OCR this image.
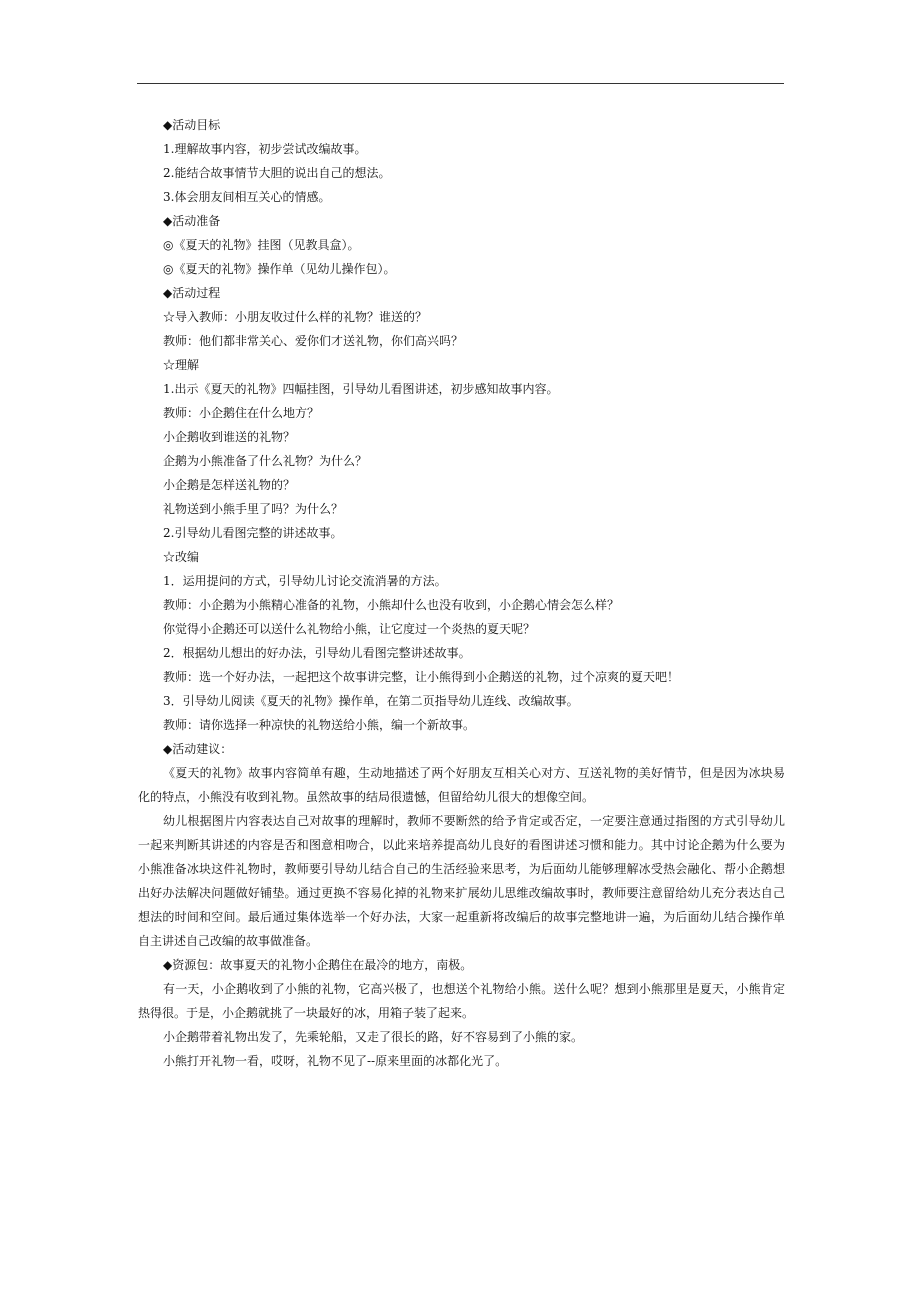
◆活动目标
1.理解故事内容，初步尝试改编故事。
2.能结合故事情节大胆的说出自己的想法。
3.体会朋友间相互关心的情感。
◆活动准备
◎《夏天的礼物》挂图（见教具盒）。
◎《夏天的礼物》操作单（见幼儿操作包）。
◆活动过程
☆导入教师：小朋友收过什么样的礼物？谁送的？
教师：他们都非常关心、爱你们才送礼物，你们高兴吗？
☆理解
1.出示《夏天的礼物》四幅挂图，引导幼儿看图讲述，初步感知故事内容。
教师：小企鹅住在什么地方？
小企鹅收到谁送的礼物？
企鹅为小熊准备了什么礼物？为什么？
小企鹅是怎样送礼物的？
礼物送到小熊手里了吗？为什么？
2.引导幼儿看图完整的讲述故事。
☆改编
1．运用提问的方式，引导幼儿讨论交流消暑的方法。
教师：小企鹅为小熊精心准备的礼物，小熊却什么也没有收到，小企鹅心情会怎么样？
你觉得小企鹅还可以送什么礼物给小熊，让它度过一个炎热的夏天呢？
2．根据幼儿想出的好办法，引导幼儿看图完整讲述故事。
教师：选一个好办法，一起把这个故事讲完整，让小熊得到小企鹅送的礼物，过个凉爽的夏天吧！
3．引导幼儿阅读《夏天的礼物》操作单，在第二页指导幼儿连线、改编故事。
教师：请你选择一种凉快的礼物送给小熊，编一个新故事。
◆活动建议：
《夏天的礼物》故事内容简单有趣，生动地描述了两个好朋友互相关心对方、互送礼物的美好情节，但是因为冰块易化的特点，小熊没有收到礼物。虽然故事的结局很遗憾，但留给幼儿很大的想像空间。
幼儿根据图片内容表达自己对故事的理解时，教师不要断然的给予肯定或否定，一定要注意通过指图的方式引导幼儿一起来判断其讲述的内容是否和图意相吻合，以此来培养提高幼儿良好的看图讲述习惯和能力。其中讨论企鹅为什么要为小熊准备冰块这件礼物时，教师要引导幼儿结合自己的生活经验来思考，为后面幼儿能够理解冰受热会融化、帮小企鹅想出好办法解决问题做好铺垫。通过更换不容易化掉的礼物来扩展幼儿思维改编故事时，教师要注意留给幼儿充分表达自己想法的时间和空间。最后通过集体选举一个好办法，大家一起重新将改编后的故事完整地讲一遍，为后面幼儿结合操作单自主讲述自己改编的故事做准备。
◆资源包：故事夏天的礼物小企鹅住在最冷的地方，南极。
有一天，小企鹅收到了小熊的礼物，它高兴极了，也想送个礼物给小熊。送什么呢？想到小熊那里是夏天，小熊肯定热得很。于是，小企鹅就挑了一块最好的冰，用箱子装了起来。
小企鹅带着礼物出发了，先乘轮船，又走了很长的路，好不容易到了小熊的家。
小熊打开礼物一看，哎呀，礼物不见了--原来里面的冰都化光了。
